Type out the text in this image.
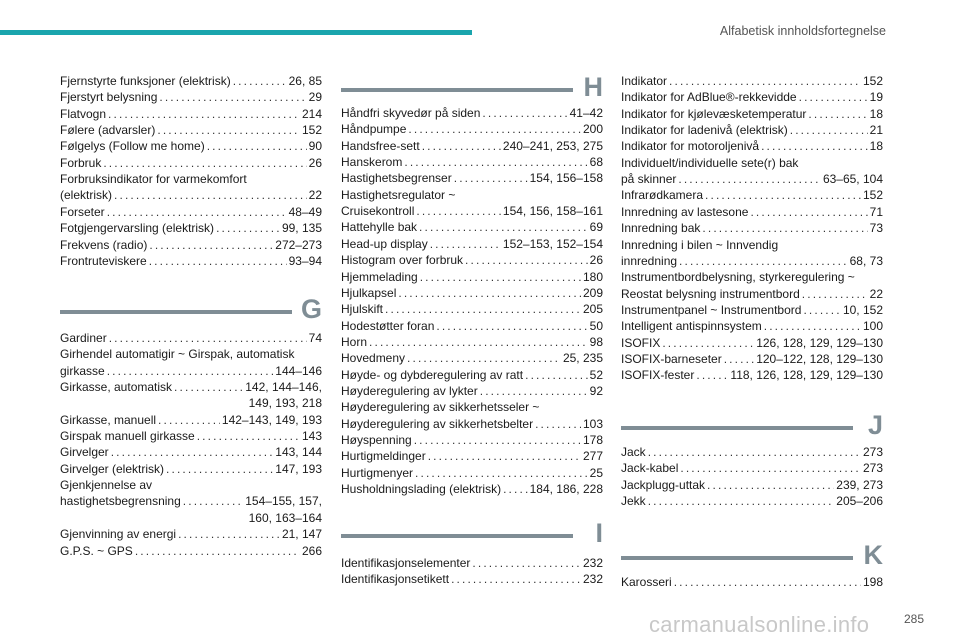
Alfabetisk innholdsfortegnelse
Fjernstyrte funksjoner (elektrisk) . . .	26, 85
Fjerstyrt belysning . . .	29
Flatvogn . . .	214
Følere (advarsler) . . .	152
Følgelys (Follow me home) . . .	90
Forbruk . . .	26
Forbruksindikator for varmekomfort
(elektrisk) . . .	22
Forseter . . .	48–49
Fotgjengervarsling (elektrisk) . . .	99, 135
Frekvens (radio) . . .	272–273
Frontruteviskere . . .	93–94
G
Gardiner . . .	74
Girhendel automatigir ~ Girspak, automatisk
girkasse . . .	144–146
Girkasse, automatisk . . .	142, 144–146,
149, 193, 218
Girkasse, manuell . . .	142–143, 149, 193
Girspak manuell girkasse . . .	143
Girvelger . . .	143, 144
Girvelger (elektrisk) . . .	147, 193
Gjenkjennelse av
hastighetsbegrensning . . .	154–155, 157,
160, 163–164
Gjenvinning av energi . . .	21, 147
G.P.S. ~ GPS . . .	266
H
Håndfri skyvedør på siden . . .	41–42
Håndpumpe . . .	200
Handsfree-sett . . .	240–241, 253, 275
Hanskerom . . .	68
Hastighetsbegrenser . . .	154, 156–158
Hastighetsregulator ~
Cruisekontroll . . .	154, 156, 158–161
Hattehylle bak . . .	69
Head-up display . . .	152–153, 152–154
Histogram over forbruk . . .	26
Hjemmelading . . .	180
Hjulkapsel . . .	209
Hjulskift . . .	205
Hodestøtter foran . . .	50
Horn . . .	98
Hovedmeny . . .	25, 235
Høyde- og dybderegulering av ratt . . .	52
Høyderegulering av lykter . . .	92
Høyderegulering av sikkerhetsseler ~
Høyderegulering av sikkerhetsbelter . . .	103
Høyspenning . . .	178
Hurtigmeldinger . . .	277
Hurtigmenyer . . .	25
Husholdningslading (elektrisk) . . . 184, 186, 228
I
Identifikasjonselementer . . .	232
Identifikasjonsetikett . . .	232
Indikator . . .	152
Indikator for AdBlue®-rekkevidde . . .	19
Indikator for kjølevæsketemperatur . . .	18
Indikator for ladenivå (elektrisk) . . .	21
Indikator for motoroljenivå . . .	18
Individuelt/individuelle sete(r) bak
på skinner . . .	63–65, 104
Infrarødkamera . . .	152
Innredning av lastesone . . .	71
Innredning bak . . .	73
Innredning i bilen ~ Innvendig
innredning . . .	68, 73
Instrumentbordbelysning, styrkeregulering ~
Reostat belysning instrumentbord . . .	22
Instrumentpanel ~ Instrumentbord . . .	10, 152
Intelligent antispinnsystem . . .	100
ISOFIX . . .	126, 128, 129, 129–130
ISOFIX-barneseter . . .	120–122, 128, 129–130
ISOFIX-fester . . .	118, 126, 128, 129, 129–130
J
Jack . . .	273
Jack-kabel . . .	273
Jackplugg-uttak . . .	239, 273
Jekk . . .	205–206
K
Karosseri . . .	198
carmanualsonline.info	285
